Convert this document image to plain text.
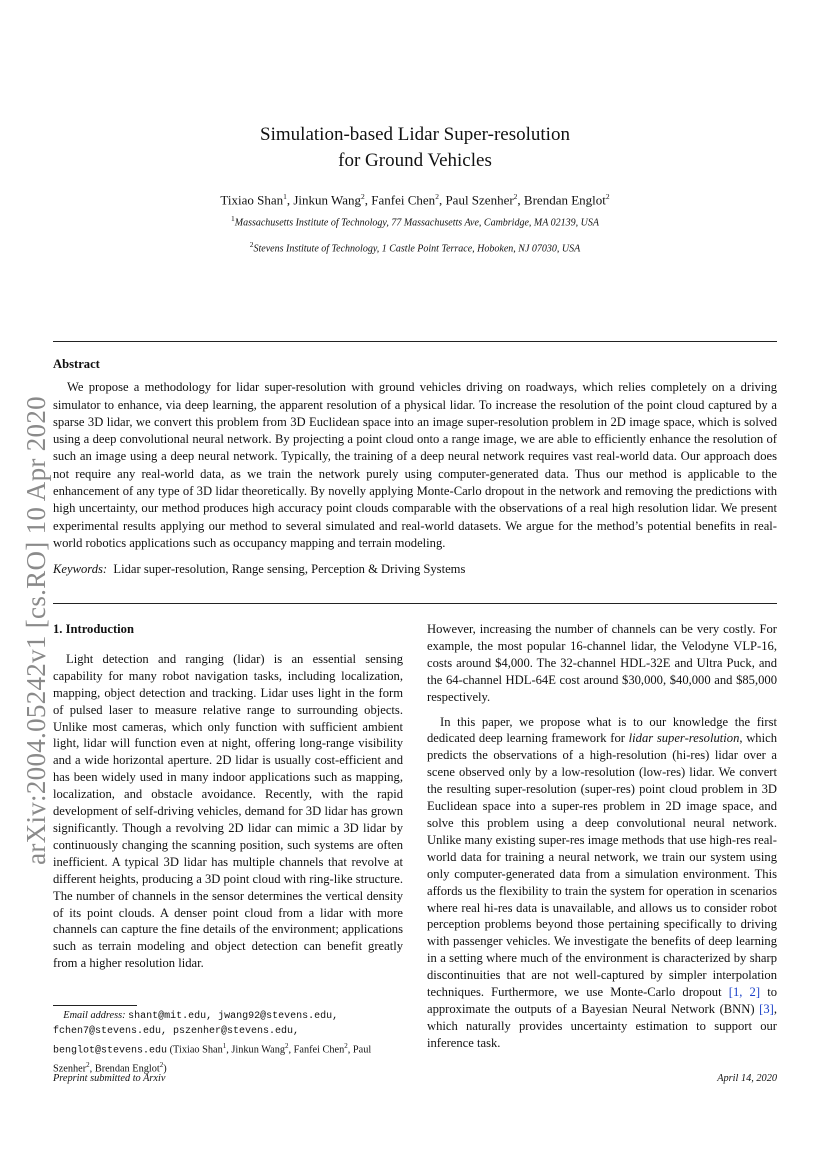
arXiv:2004.05242v1 [cs.RO] 10 Apr 2020
Simulation-based Lidar Super-resolution
for Ground Vehicles
Tixiao Shan$^1$, Jinkun Wang$^2$, Fanfei Chen$^2$, Paul Szenher$^2$, Brendan Englot$^2$
$^1$Massachusetts Institute of Technology, 77 Massachusetts Ave, Cambridge, MA 02139, USA
$^2$Stevens Institute of Technology, 1 Castle Point Terrace, Hoboken, NJ 07030, USA
Abstract

We propose a methodology for lidar super-resolution with ground vehicles driving on roadways, which relies completely on a driving simulator to enhance, via deep learning, the apparent resolution of a physical lidar. To increase the resolution of the point cloud captured by a sparse 3D lidar, we convert this problem from 3D Euclidean space into an image super-resolution problem in 2D image space, which is solved using a deep convolutional neural network. By projecting a point cloud onto a range image, we are able to efficiently enhance the resolution of such an image using a deep neural network. Typically, the training of a deep neural network requires vast real-world data. Our approach does not require any real-world data, as we train the network purely using computer-generated data. Thus our method is applicable to the enhancement of any type of 3D lidar theoretically. By novelly applying Monte-Carlo dropout in the network and removing the predictions with high uncertainty, our method produces high accuracy point clouds comparable with the observations of a real high resolution lidar. We present experimental results applying our method to several simulated and real-world datasets. We argue for the method’s potential benefits in real-world robotics applications such as occupancy mapping and terrain modeling.

Keywords: Lidar super-resolution, Range sensing, Perception & Driving Systems
1. Introduction

Light detection and ranging (lidar) is an essential sensing capability for many robot navigation tasks, including localization, mapping, object detection and tracking. Lidar uses light in the form of pulsed laser to measure relative range to surrounding objects. Unlike most cameras, which only function with sufficient ambient light, lidar will function even at night, offering long-range visibility and a wide horizontal aperture. 2D lidar is usually cost-efficient and has been widely used in many indoor applications such as mapping, localization, and obstacle avoidance. Recently, with the rapid development of self-driving vehicles, demand for 3D lidar has grown significantly. Though a revolving 2D lidar can mimic a 3D lidar by continuously changing the scanning position, such systems are often inefficient. A typical 3D lidar has multiple channels that revolve at different heights, producing a 3D point cloud with ring-like structure. The number of channels in the sensor determines the vertical density of its point clouds. A denser point cloud from a lidar with more channels can capture the fine details of the environment; applications such as terrain modeling and object detection can benefit greatly from a higher resolution lidar.

However, increasing the number of channels can be very costly. For example, the most popular 16-channel lidar, the Velodyne VLP-16, costs around $4,000. The 32-channel HDL-32E and Ultra Puck, and the 64-channel HDL-64E cost around $30,000, $40,000 and $85,000 respectively.

In this paper, we propose what is to our knowledge the first dedicated deep learning framework for lidar super-resolution, which predicts the observations of a high-resolution (hi-res) lidar over a scene observed only by a low-resolution (low-res) lidar. We convert the resulting super-resolution (super-res) point cloud problem in 3D Euclidean space into a super-res problem in 2D image space, and solve this problem using a deep convolutional neural network. Unlike many existing super-res image methods that use high-res real-world data for training a neural network, we train our system using only computer-generated data from a simulation environment. This affords us the flexibility to train the system for operation in scenarios where real hi-res data is unavailable, and allows us to consider robot perception problems beyond those pertaining specifically to driving with passenger vehicles. We investigate the benefits of deep learning in a setting where much of the environment is characterized by sharp discontinuities that are not well-captured by simpler interpolation techniques. Furthermore, we use Monte-Carlo dropout [1, 2] to approximate the outputs of a Bayesian Neural Network (BNN) [3], which naturally provides uncertainty estimation to support our inference task.

Email address: shant@mit.edu, jwang92@stevens.edu, fchen7@stevens.edu, pszenher@stevens.edu, benglot@stevens.edu (Tixiao Shan$^1$, Jinkun Wang$^2$, Fanfei Chen$^2$, Paul Szenher$^2$, Brendan Englot$^2$)
Preprint submitted to Arxiv	April 14, 2020
